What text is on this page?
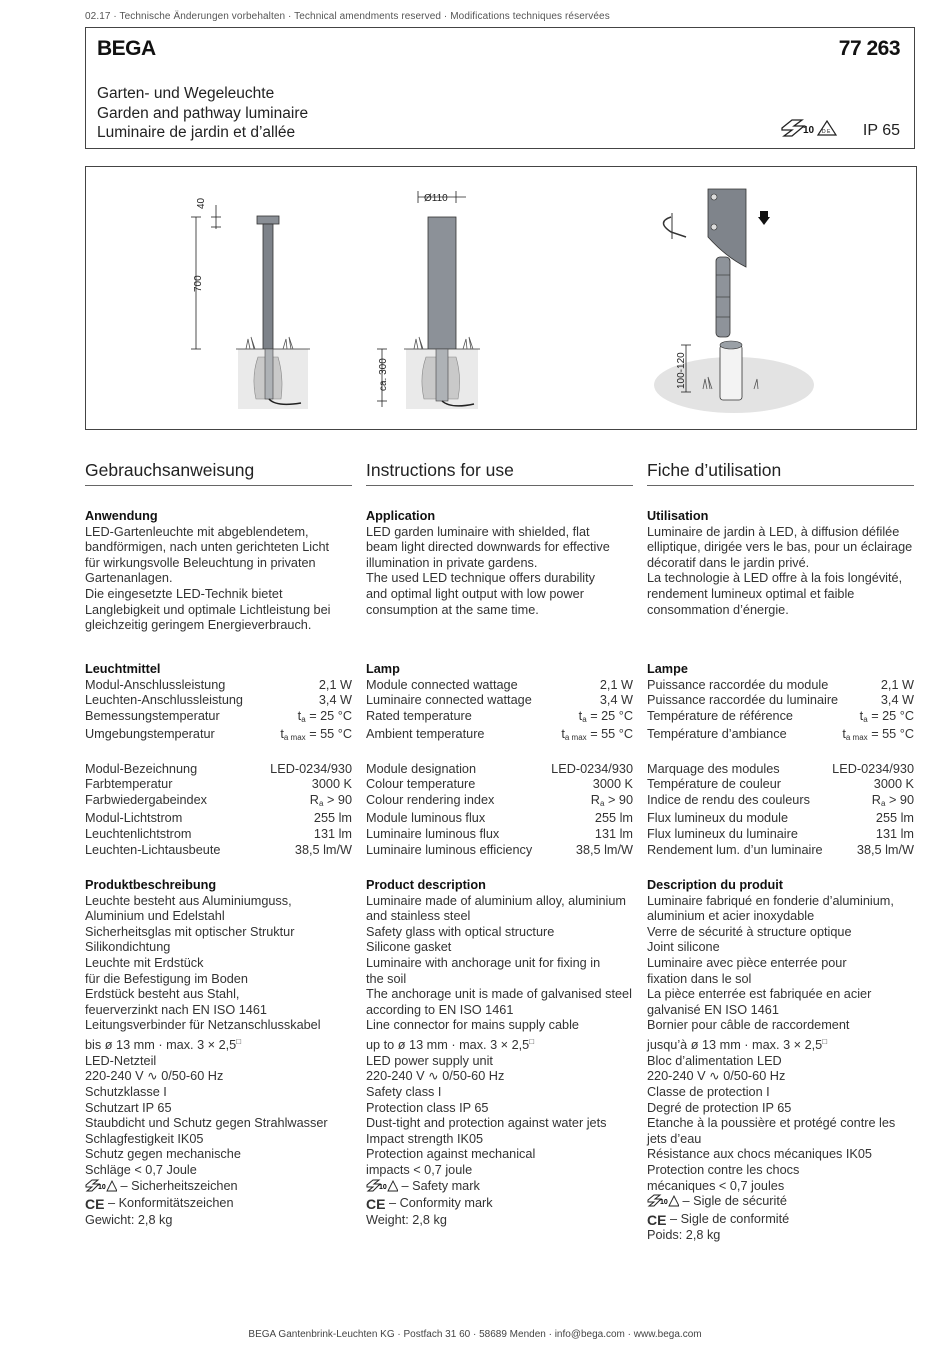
02.17 · Technische Änderungen vorbehalten · Technical amendments reserved · Modifications techniques réservées
BEGA	77 263
Garten- und Wegeleuchte
Garden and pathway luminaire
Luminaire de jardin et d’allée	10 D E IP 65
40
700
Ø110
ca. 300	100-120
Gebrauchsanweisung
Anwendung
LED-Gartenleuchte mit abgeblendetem,
bandförmigen, nach unten gerichteten Licht
für wirkungsvolle Beleuchtung in privaten
Gartenanlagen.
Die eingesetzte LED-Technik bietet
Langlebigkeit und optimale Lichtleistung bei
gleichzeitig geringem Energieverbrauch.
Leuchtmittel
Modul-Anschlussleistung	2,1 W
Leuchten-Anschlussleistung	3,4 W
Bemessungstemperatur	$t_a = 25$ °C
Umgebungstemperatur	$t_{a max} = 55$ °C
Modul-Bezeichnung	LED-0234/930
Farbtemperatur	3000 K
Farbwiedergabeindex	$R_a > 90$
Modul-Lichtstrom	255 lm
Leuchtenlichtstrom	131 lm
Leuchten-Lichtausbeute	38,5 lm/W
Produktbeschreibung
Leuchte besteht aus Aluminiumguss,
Aluminium und Edelstahl
Sicherheitsglas mit optischer Struktur
Silikondichtung
Leuchte mit Erdstück
für die Befestigung im Boden
Erdstück besteht aus Stahl,
feuerverzinkt nach EN ISO 1461
Leitungsverbinder für Netzanschlusskabel
bis ø 13 mm · max. 3 × 2,5□
LED-Netzteil
220-240 V ∿ 0/50-60 Hz
Schutzklasse I
Schutzart IP 65
Staubdicht und Schutz gegen Strahlwasser
Schlagfestigkeit IK05
Schutz gegen mechanische
Schläge < 0,7 Joule
10 – Sicherheitszeichen
CE – Konformitätszeichen
Gewicht: 2,8 kg
Instructions for use
Application
LED garden luminaire with shielded, flat
beam light directed downwards for effective
illumination in private gardens.
The used LED technique offers durability
and optimal light output with low power
consumption at the same time.
Lamp
Module connected wattage	2,1 W
Luminaire connected wattage	3,4 W
Rated temperature	$t_a = 25$ °C
Ambient temperature	$t_{a max} = 55$ °C
Module designation	LED-0234/930
Colour temperature	3000 K
Colour rendering index	$R_a > 90$
Module luminous flux	255 lm
Luminaire luminous flux	131 lm
Luminaire luminous efficiency	38,5 lm/W
Product description
Luminaire made of aluminium alloy, aluminium
and stainless steel
Safety glass with optical structure
Silicone gasket
Luminaire with anchorage unit for fixing in
the soil
The anchorage unit is made of galvanised steel
according to EN ISO 1461
Line connector for mains supply cable
up to ø 13 mm · max. 3 × 2,5□
LED power supply unit
220-240 V ∿ 0/50-60 Hz
Safety class I
Protection class IP 65
Dust-tight and protection against water jets
Impact strength IK05
Protection against mechanical
impacts < 0,7 joule
10 – Safety mark
CE – Conformity mark
Weight: 2,8 kg
Fiche d’utilisation
Utilisation
Luminaire de jardin à LED, à diffusion défilée
elliptique, dirigée vers le bas, pour un éclairage
décoratif dans le jardin privé.
La technologie à LED offre à la fois longévité,
rendement lumineux optimal et faible
consommation d’énergie.
Lampe
Puissance raccordée du module	2,1 W
Puissance raccordée du luminaire	3,4 W
Température de référence	$t_a = 25$ °C
Température d’ambiance	$t_{a max} = 55$ °C
Marquage des modules	LED-0234/930
Température de couleur	3000 K
Indice de rendu des couleurs	$R_a > 90$
Flux lumineux du module	255 lm
Flux lumineux du luminaire	131 lm
Rendement lum. d’un luminaire	38,5 lm/W
Description du produit
Luminaire fabriqué en fonderie d’aluminium,
aluminium et acier inoxydable
Verre de sécurité à structure optique
Joint silicone
Luminaire avec pièce enterrée pour
fixation dans le sol
La pièce enterrée est fabriquée en acier
galvanisé EN ISO 1461
Bornier pour câble de raccordement
jusqu’à ø 13 mm · max. 3 × 2,5□
Bloc d’alimentation LED
220-240 V ∿ 0/50-60 Hz
Classe de protection I
Degré de protection IP 65
Etanche à la poussière et protégé contre les
jets d’eau
Résistance aux chocs mécaniques IK05
Protection contre les chocs
mécaniques < 0,7 joules
10 – Sigle de sécurité
CE – Sigle de conformité
Poids: 2,8 kg
BEGA Gantenbrink-Leuchten KG · Postfach 31 60 · 58689 Menden · info@bega.com · www.bega.com
